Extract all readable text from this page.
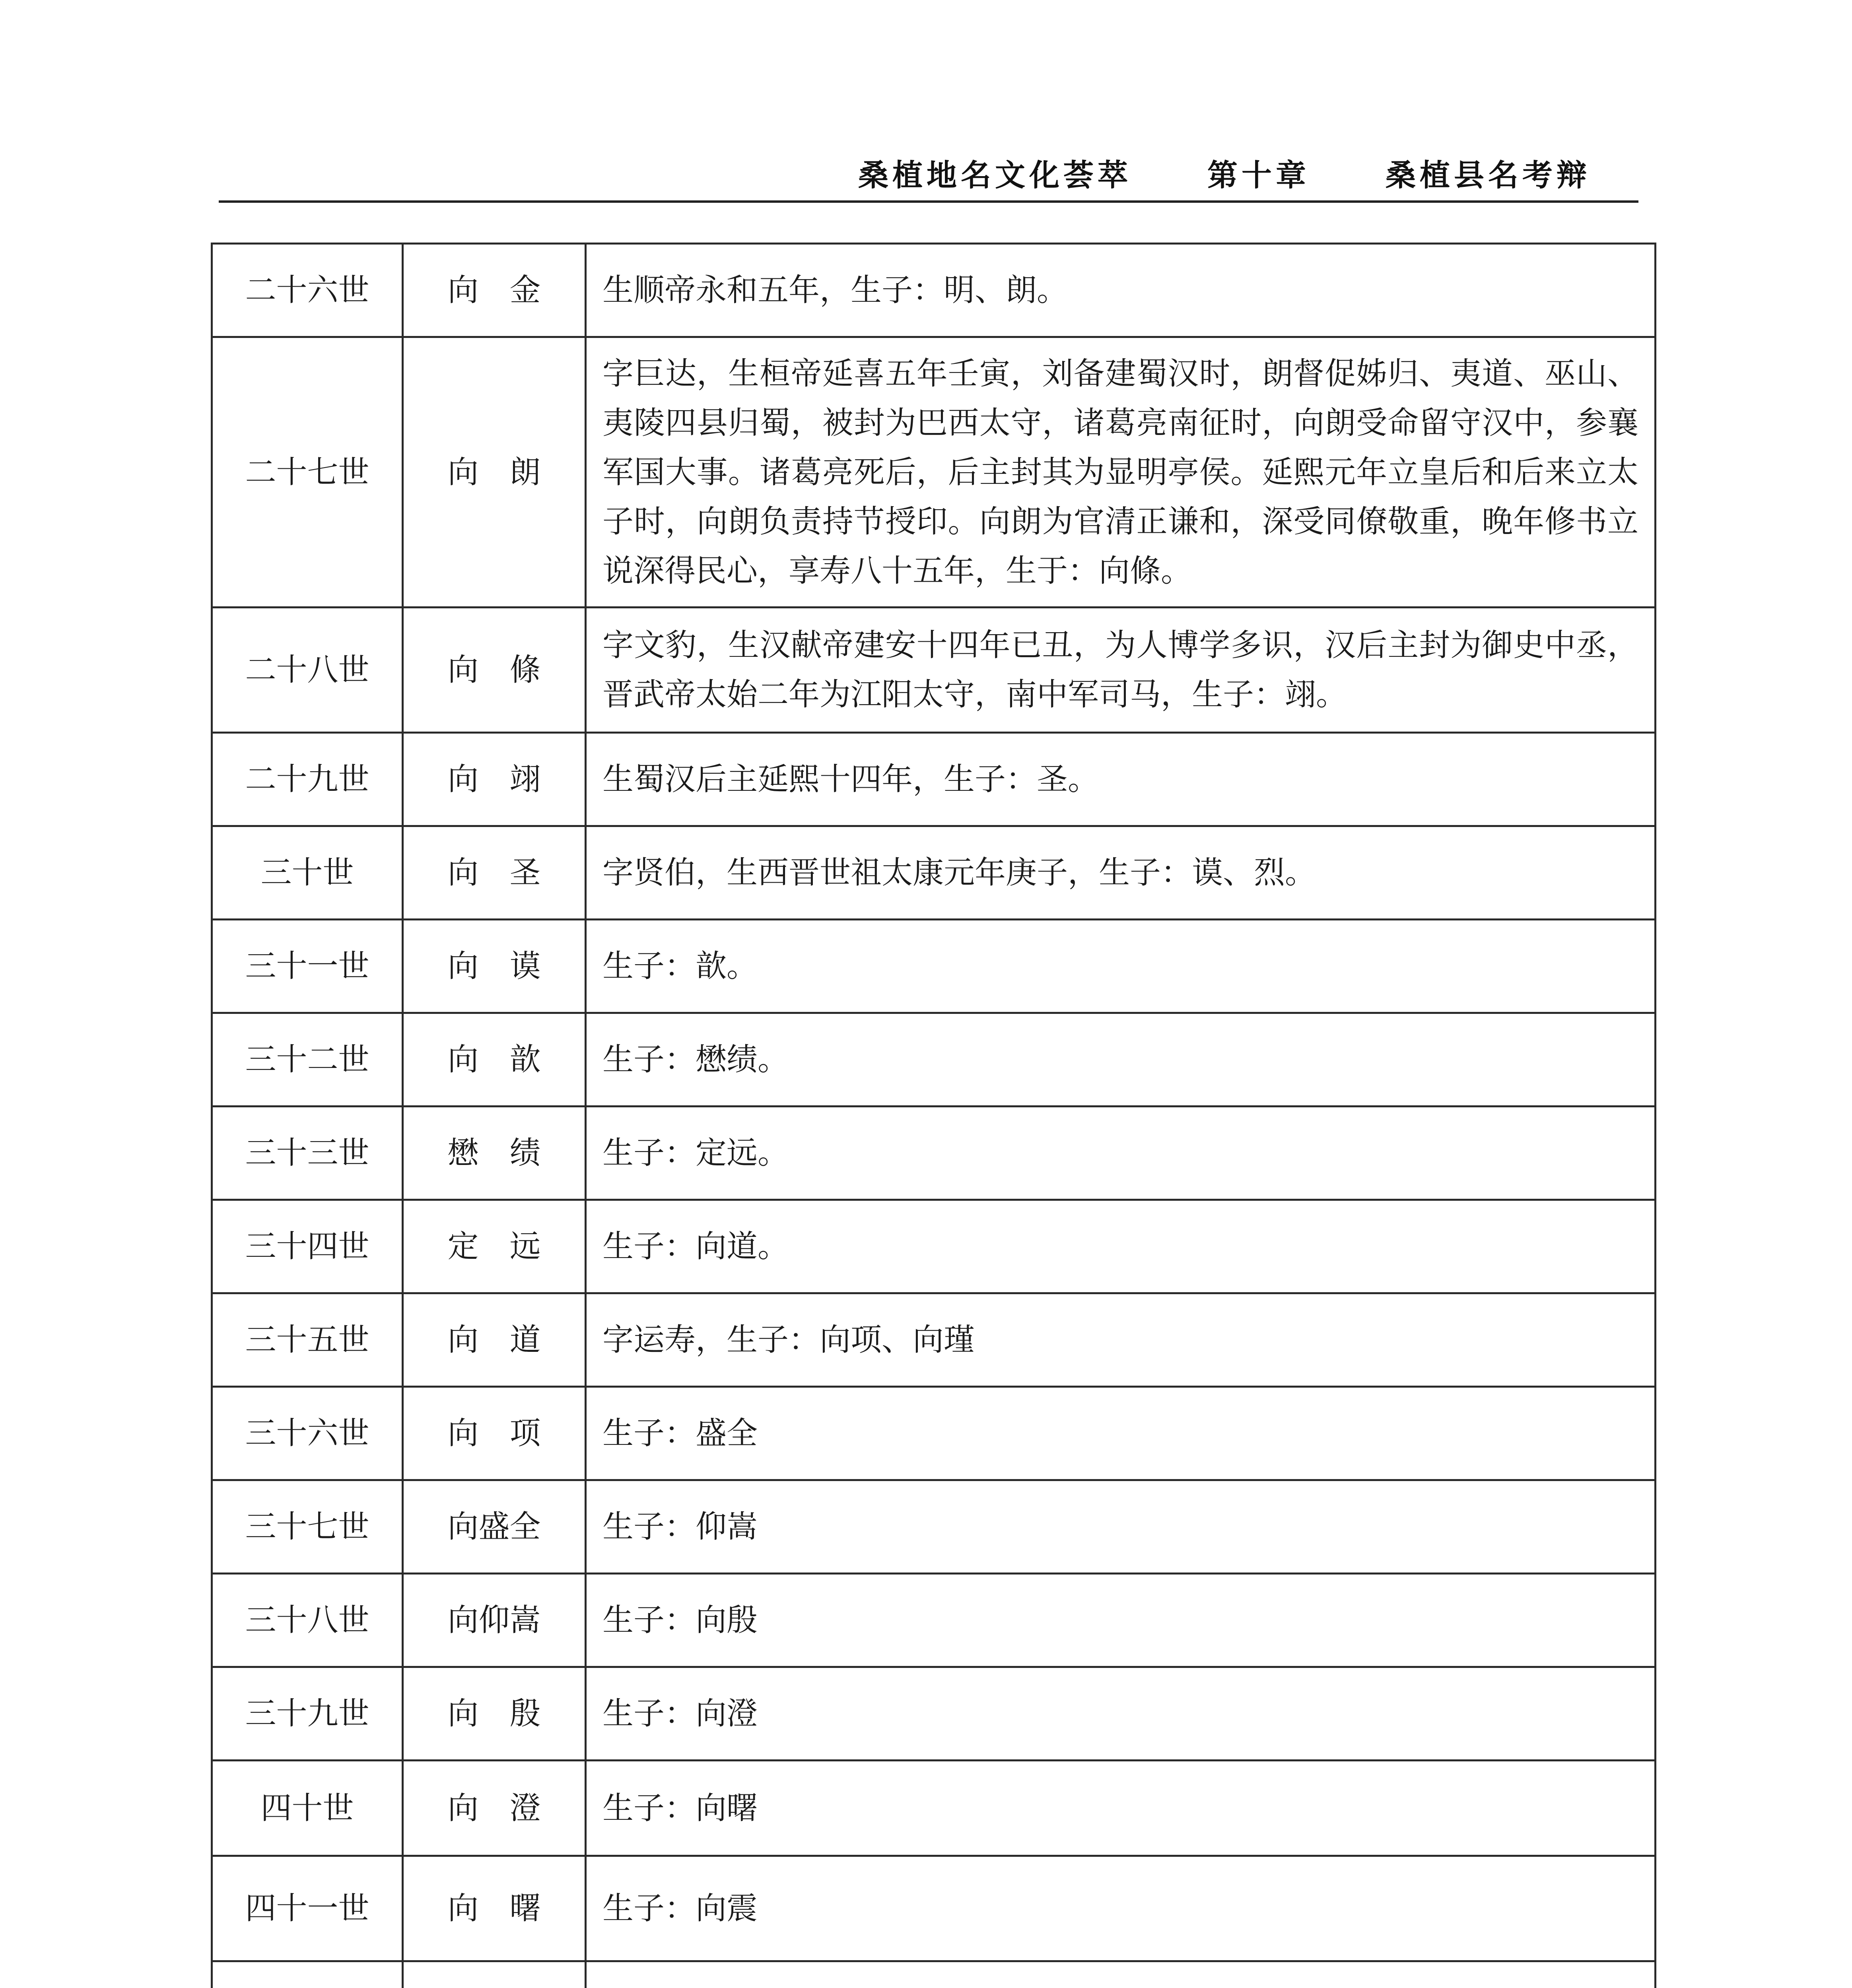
桑植地名文化荟萃	第十章	桑植县名考辩
二十六世	向　金	生顺帝永和五年，生子：明、朗。
二十七世	向　朗	字巨达，生桓帝延喜五年壬寅，刘备建蜀汉时，朗督促姊归、夷道、巫山、夷陵四县归蜀，被封为巴西太守，诸葛亮南征时，向朗受命留守汉中，参襄军国大事。诸葛亮死后，后主封其为显明亭侯。延熙元年立皇后和后来立太子时，向朗负责持节授印。向朗为官清正谦和，深受同僚敬重，晚年修书立说深得民心，享寿八十五年，生于：向條。
二十八世	向　條	字文豹，生汉献帝建安十四年已丑，为人博学多识，汉后主封为御史中丞，晋武帝太始二年为江阳太守，南中军司马，生子：翊。
二十九世	向　翊	生蜀汉后主延熙十四年，生子：圣。
三十世	向　圣	字贤伯，生西晋世祖太康元年庚子，生子：谟、烈。
三十一世	向　谟	生子：歆。
三十二世	向　歆	生子：懋绩。
三十三世	懋　绩	生子：定远。
三十四世	定　远	生子：向道。
三十五世	向　道	字运寿，生子：向项、向瑾
三十六世	向　项	生子：盛全
三十七世	向盛全	生子：仰嵩
三十八世	向仰嵩	生子：向殷
三十九世	向　殷	生子：向澄
四十世	向　澄	生子：向曙
四十一世	向　曙	生子：向震
